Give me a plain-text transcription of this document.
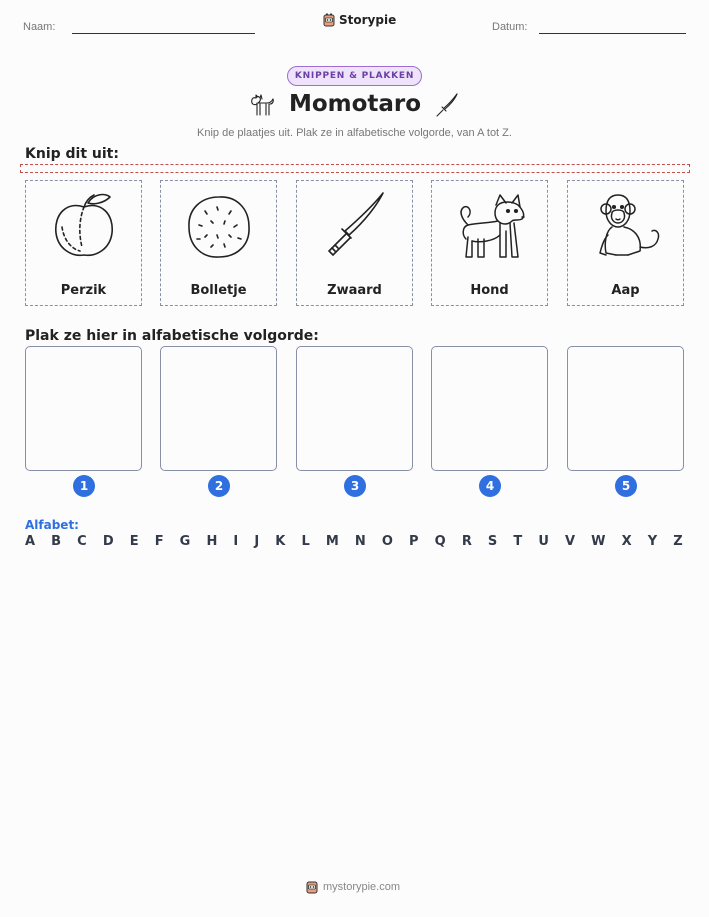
Naam:	Storypie	Datum:
KNIPPEN & PLAKKEN
Momotaro
Knip de plaatjes uit. Plak ze in alfabetische volgorde, van A tot Z.
Knip dit uit:
Perzik	Bolletje	Zwaard	Hond	Aap
Plak ze hier in alfabetische volgorde:
1	2	3	4	5
Alfabet:
A B C D E F G H I J K L M N O P Q R S T U V W X Y Z
mystorypie.com
